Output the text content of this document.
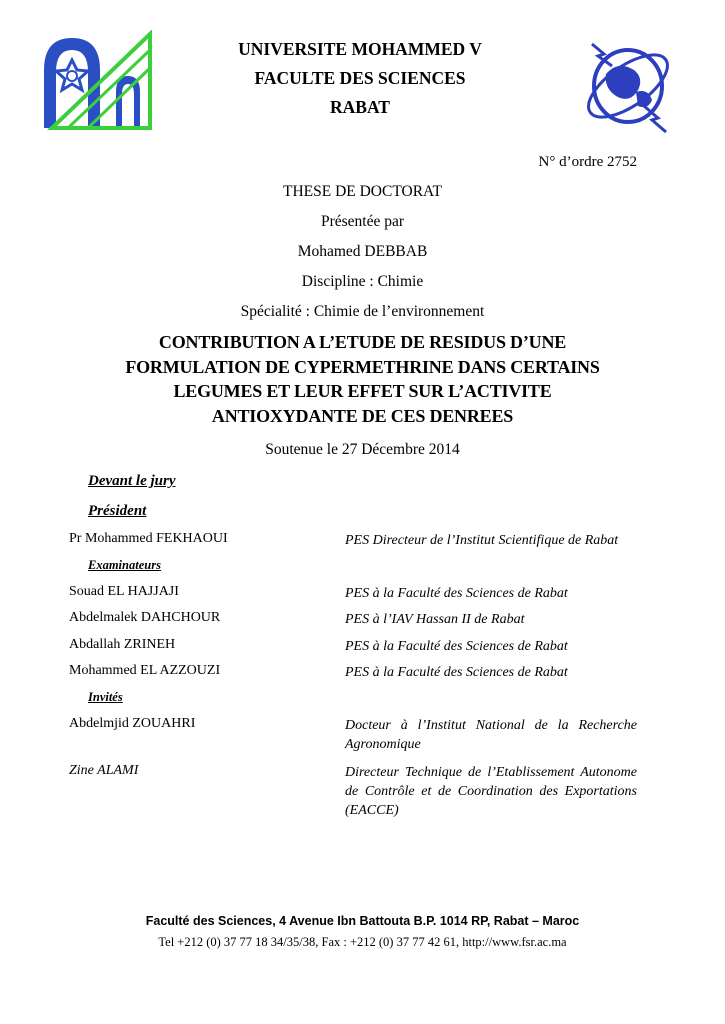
UNIVERSITE MOHAMMED V
FACULTE DES SCIENCES
RABAT
N° d’ordre 2752
THESE DE DOCTORAT
Présentée par
Mohamed DEBBAB
Discipline : Chimie
Spécialité : Chimie de l’environnement
CONTRIBUTION A L’ETUDE DE RESIDUS D’UNE
FORMULATION DE CYPERMETHRINE DANS CERTAINS
LEGUMES ET LEUR EFFET SUR L’ACTIVITE
ANTIOXYDANTE DE CES DENREES
Soutenue le 27 Décembre 2014
Devant le jury
Président
Pr Mohammed FEKHAOUI	PES Directeur de l’Institut Scientifique de Rabat
Examinateurs
Souad EL HAJJAJI	PES à la Faculté des Sciences de Rabat
Abdelmalek DAHCHOUR	PES à l’IAV Hassan II de Rabat
Abdallah ZRINEH	PES à la Faculté des Sciences de Rabat
Mohammed EL AZZOUZI	PES à la Faculté des Sciences de Rabat
Invités
Abdelmjid ZOUAHRI	Docteur à l’Institut National de la Recherche Agronomique
Zine ALAMI	Directeur Technique de l’Etablissement Autonome de Contrôle et de Coordination des Exportations (EACCE)
Faculté des Sciences, 4 Avenue Ibn Battouta B.P. 1014 RP, Rabat – Maroc
Tel +212 (0) 37 77 18 34/35/38, Fax : +212 (0) 37 77 42 61, http://www.fsr.ac.ma
